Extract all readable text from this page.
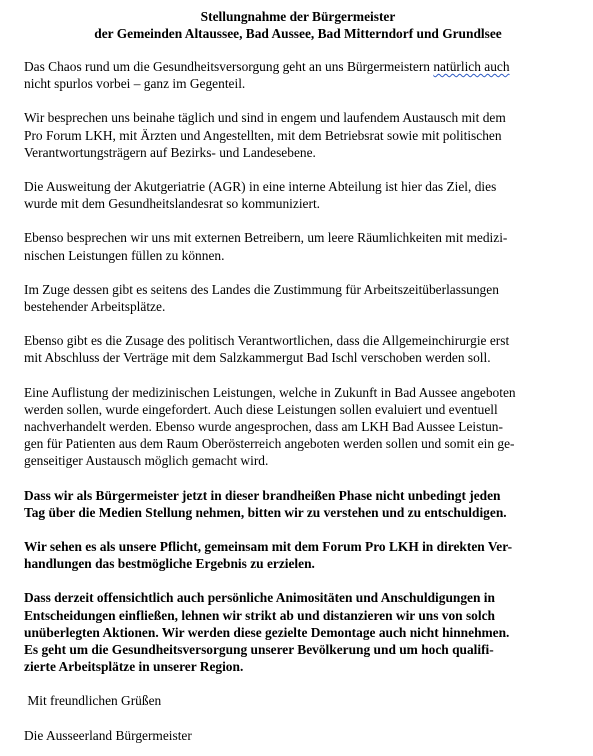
Stellungnahme der Bürgermeister
der Gemeinden Altaussee, Bad Aussee, Bad Mitterndorf und Grundlsee

Das Chaos rund um die Gesundheitsversorgung geht an uns Bürgermeistern natürlich auch
nicht spurlos vorbei – ganz im Gegenteil.

Wir besprechen uns beinahe täglich und sind in engem und laufendem Austausch mit dem
Pro Forum LKH, mit Ärzten und Angestellten, mit dem Betriebsrat sowie mit politischen
Verantwortungsträgern auf Bezirks- und Landesebene.

Die Ausweitung der Akutgeriatrie (AGR) in eine interne Abteilung ist hier das Ziel, dies
wurde mit dem Gesundheitslandesrat so kommuniziert.

Ebenso besprechen wir uns mit externen Betreibern, um leere Räumlichkeiten mit medizi-
nischen Leistungen füllen zu können.

Im Zuge dessen gibt es seitens des Landes die Zustimmung für Arbeitszeitüberlassungen
bestehender Arbeitsplätze.

Ebenso gibt es die Zusage des politisch Verantwortlichen, dass die Allgemeinchirurgie erst
mit Abschluss der Verträge mit dem Salzkammergut Bad Ischl verschoben werden soll.

Eine Auflistung der medizinischen Leistungen, welche in Zukunft in Bad Aussee angeboten
werden sollen, wurde eingefordert. Auch diese Leistungen sollen evaluiert und eventuell
nachverhandelt werden. Ebenso wurde angesprochen, dass am LKH Bad Aussee Leistun-
gen für Patienten aus dem Raum Oberösterreich angeboten werden sollen und somit ein ge-
genseitiger Austausch möglich gemacht wird.

Dass wir als Bürgermeister jetzt in dieser brandheißen Phase nicht unbedingt jeden
Tag über die Medien Stellung nehmen, bitten wir zu verstehen und zu entschuldigen.

Wir sehen es als unsere Pflicht, gemeinsam mit dem Forum Pro LKH in direkten Ver-
handlungen das bestmögliche Ergebnis zu erzielen.

Dass derzeit offensichtlich auch persönliche Animositäten und Anschuldigungen in
Entscheidungen einfließen, lehnen wir strikt ab und distanzieren wir uns von solch
unüberlegten Aktionen. Wir werden diese gezielte Demontage auch nicht hinnehmen.
Es geht um die Gesundheitsversorgung unserer Bevölkerung und um hoch qualifi-
zierte Arbeitsplätze in unserer Region.

Mit freundlichen Grüßen

Die Ausseerland Bürgermeister
